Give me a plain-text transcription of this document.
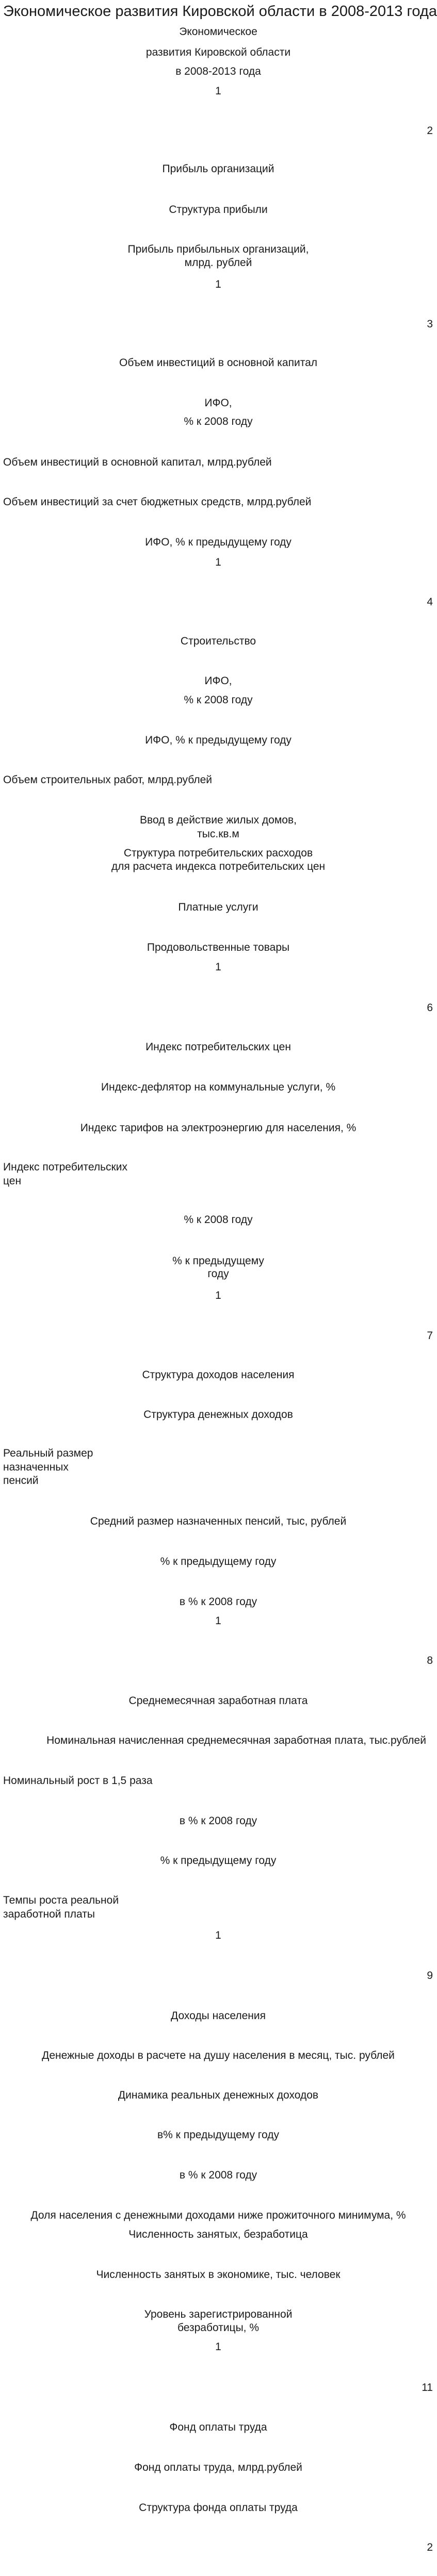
Экономическое развития Кировской области в 2008-2013 года
Экономическое
развития Кировской области
в 2008-2013 года
1
2
Прибыль организаций
Структура прибыли
Прибыль прибыльных организаций,
млрд. рублей
1
3
Объем инвестиций в основной капитал
ИФО,
% к 2008 году
Объем инвестиций в основной капитал, млрд.рублей
Объем инвестиций за счет бюджетных средств, млрд.рублей
ИФО, % к предыдущему году
1
4
Строительство
ИФО,
% к 2008 году
ИФО, % к предыдущему году
Объем строительных работ, млрд.рублей
Ввод в действие жилых домов,
тыс.кв.м
Структура потребительских расходов
для расчета индекса потребительских цен
Платные услуги
Продовольственные товары
1
6
Индекс потребительских цен
Индекс-дефлятор на коммунальные услуги, %
Индекс тарифов на электроэнергию для населения, %
Индекс потребительских
цен
% к 2008 году
% к предыдущему
году
1
7
Структура доходов населения
Структура денежных доходов
Реальный размер
назначенных
пенсий
Средний размер назначенных пенсий, тыс, рублей
% к предыдущему году
в % к 2008 году
1
8
Среднемесячная заработная плата
Номинальная начисленная среднемесячная заработная плата, тыс.рублей
Номинальный рост в 1,5 раза
в % к 2008 году
% к предыдущему году
Темпы роста реальной
заработной платы
1
9
Доходы населения
Денежные доходы в расчете на душу населения в месяц, тыс. рублей
Динамика реальных денежных доходов
в% к предыдущему году
в % к 2008 году
Доля населения с денежными доходами ниже прожиточного минимума, %
Численность занятых, безработица
Численность занятых в экономике, тыс. человек
Уровень зарегистрированной
безработицы, %
1
11
Фонд оплаты труда
Фонд оплаты труда, млрд.рублей
Структура фонда оплаты труда
2
